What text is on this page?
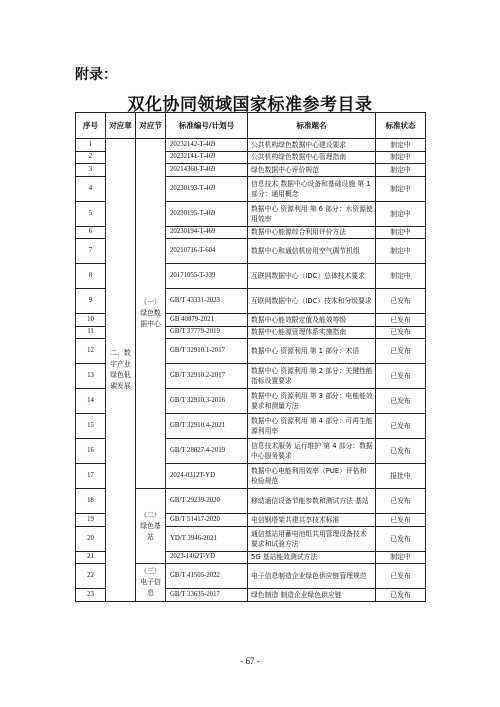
附录：
双化协同领域国家标准参考目录
序号	对应章	对应节	标准编号/计划号	标准题名	标准状态
1	二、数字产业绿色低碳发展	（一）绿色数据中心	20232142-T-469	公共机构绿色数据中心建设要求	制定中
2			20232141-T-469	公共机构绿色数据中心管理指南	制定中
3			20214360-T-469	绿色数据中心评价规范	制定中
4			20230193-T-469	信息技术 数据中心设备和基础设施 第 1 部分：通用概念	制定中
5			20230195-T-469	数据中心 资源利用 第 6 部分：水资源使用效率	制定中
6			20230194-T-469	数据中心能源综合利用评价方法	制定中
7			20210716-T-604	数据中心和通信机房用空气调节机组	制定中
8			20171055-T-339	互联网数据中心（IDC）总体技术要求	制定中
9			GB/T 43331-2023	互联网数据中心（IDC）技术和分级要求	已发布
10			GB 40879-2021	数据中心能效限定值及能效等级	已发布
11			GB/T 37779-2019	数据中心能源管理体系实施指南	已发布
12			GB/T 32910.1-2017	数据中心 资源利用 第 1 部分：术语	已发布
13			GB/T 32910.2-2017	数据中心 资源利用 第 2 部分：关键性能指标设置要求	已发布
14			GB/T 32910.3-2016	数据中心 资源利用 第 3 部分：电能能效要求和测量方法	已发布
15			GB/T 32910.4-2021	数据中心 资源利用 第 4 部分：可再生能源利用率	已发布
16			GB/T 28827.4-2019	信息技术服务 运行维护 第 4 部分：数据中心服务要求	已发布
17			2024-0312T-YD	数据中心电能利用效率（PUE）评估和检验规范	报批中
18		（二）绿色基站	GB/T 29239-2020	移动通信设备节能参数和测试方法 基站	已发布
19			GB/T 51417-2020	电信钢塔架共建共享技术标准	已发布
20			YD/T 3946-2021	通信基站用蓄电池组共用管理设备技术要求和试验方法	已发布
21			2023-1462T-YD	5G 基站能效测试方法	制定中
22		（三）电子信息	GB/T 41505-2022	电子信息制造企业绿色供应链管理规范	已发布
23			GB/T 33635-2017	绿色制造 制造企业绿色供应链	已发布
- 67 -
